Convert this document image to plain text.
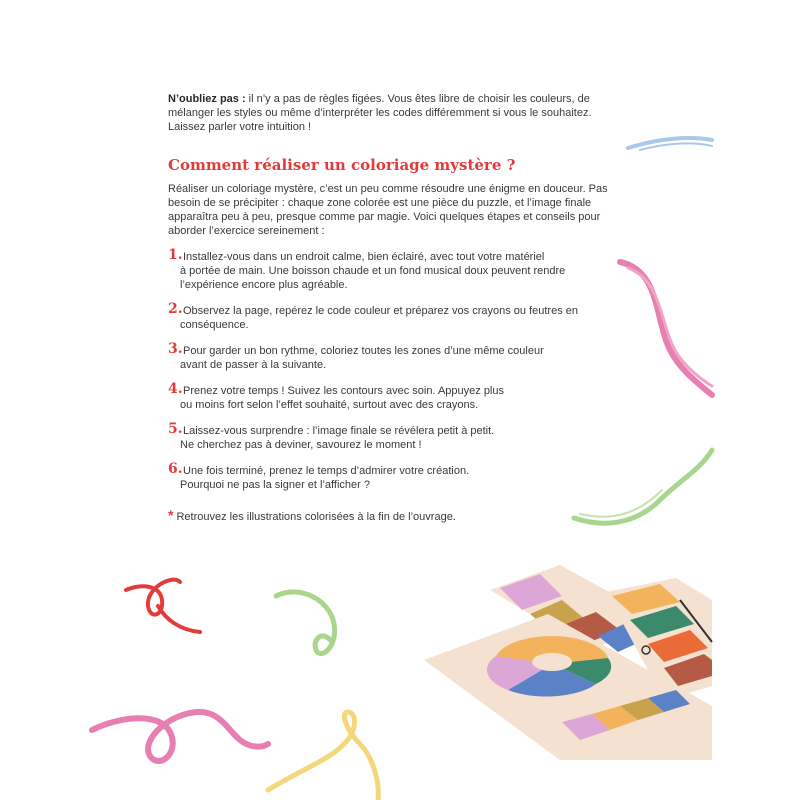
N’oubliez pas : il n’y a pas de règles figées. Vous êtes libre de choisir les couleurs, de mélanger les styles ou même d’interpréter les codes différemment si vous le souhaitez. Laissez parler votre intuition !

Comment réaliser un coloriage mystère ?

Réaliser un coloriage mystère, c’est un peu comme résoudre une énigme en douceur. Pas besoin de se précipiter : chaque zone colorée est une pièce du puzzle, et l’image finale apparaîtra peu à peu, presque comme par magie. Voici quelques étapes et conseils pour aborder l’exercice sereinement :

1. Installez-vous dans un endroit calme, bien éclairé, avec tout votre matériel
à portée de main. Une boisson chaude et un fond musical doux peuvent rendre
l’expérience encore plus agréable.
2. Observez la page, repérez le code couleur et préparez vos crayons ou feutres en
conséquence.
3. Pour garder un bon rythme, coloriez toutes les zones d’une même couleur
avant de passer à la suivante.
4. Prenez votre temps ! Suivez les contours avec soin. Appuyez plus
ou moins fort selon l’effet souhaité, surtout avec des crayons.
5. Laissez-vous surprendre : l’image finale se révélera petit à petit.
Ne cherchez pas à deviner, savourez le moment !
6. Une fois terminé, prenez le temps d’admirer votre création.
Pourquoi ne pas la signer et l’afficher ?
* Retrouvez les illustrations colorisées à la fin de l’ouvrage.
